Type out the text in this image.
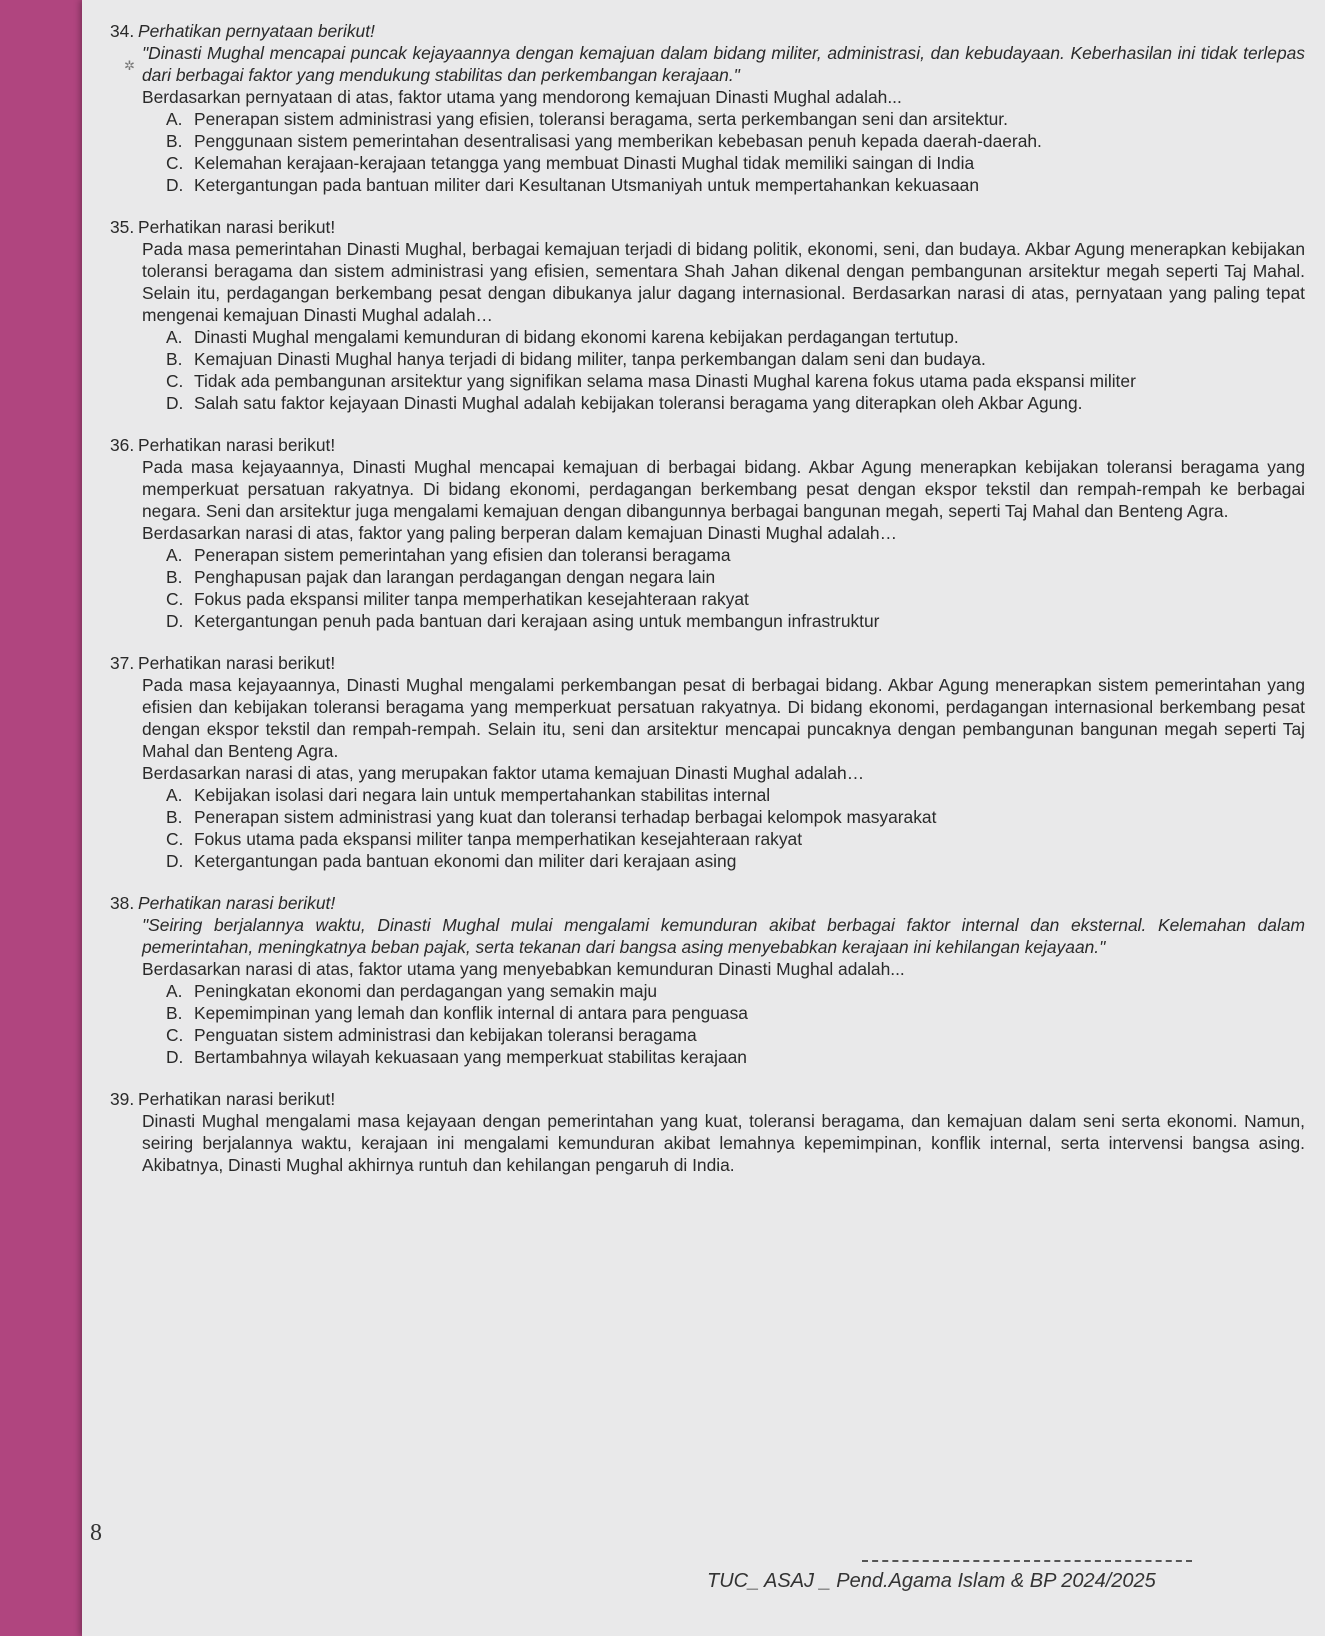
✲
34. Perhatikan pernyataan berikut!

"Dinasti Mughal mencapai puncak kejayaannya dengan kemajuan dalam bidang militer, administrasi, dan kebudayaan. Keberhasilan ini tidak terlepas dari berbagai faktor yang mendukung stabilitas dan perkembangan kerajaan."

Berdasarkan pernyataan di atas, faktor utama yang mendorong kemajuan Dinasti Mughal adalah...

A. Penerapan sistem administrasi yang efisien, toleransi beragama, serta perkembangan seni dan arsitektur.
B. Penggunaan sistem pemerintahan desentralisasi yang memberikan kebebasan penuh kepada daerah-daerah.
C. Kelemahan kerajaan-kerajaan tetangga yang membuat Dinasti Mughal tidak memiliki saingan di India
D. Ketergantungan pada bantuan militer dari Kesultanan Utsmaniyah untuk mempertahankan kekuasaan
35. Perhatikan narasi berikut!

Pada masa pemerintahan Dinasti Mughal, berbagai kemajuan terjadi di bidang politik, ekonomi, seni, dan budaya. Akbar Agung menerapkan kebijakan toleransi beragama dan sistem administrasi yang efisien, sementara Shah Jahan dikenal dengan pembangunan arsitektur megah seperti Taj Mahal. Selain itu, perdagangan berkembang pesat dengan dibukanya jalur dagang internasional. Berdasarkan narasi di atas, pernyataan yang paling tepat mengenai kemajuan Dinasti Mughal adalah…

A. Dinasti Mughal mengalami kemunduran di bidang ekonomi karena kebijakan perdagangan tertutup.
B. Kemajuan Dinasti Mughal hanya terjadi di bidang militer, tanpa perkembangan dalam seni dan budaya.
C. Tidak ada pembangunan arsitektur yang signifikan selama masa Dinasti Mughal karena fokus utama pada ekspansi militer
D. Salah satu faktor kejayaan Dinasti Mughal adalah kebijakan toleransi beragama yang diterapkan oleh Akbar Agung.
36. Perhatikan narasi berikut!

Pada masa kejayaannya, Dinasti Mughal mencapai kemajuan di berbagai bidang. Akbar Agung menerapkan kebijakan toleransi beragama yang memperkuat persatuan rakyatnya. Di bidang ekonomi, perdagangan berkembang pesat dengan ekspor tekstil dan rempah-rempah ke berbagai negara. Seni dan arsitektur juga mengalami kemajuan dengan dibangunnya berbagai bangunan megah, seperti Taj Mahal dan Benteng Agra.

Berdasarkan narasi di atas, faktor yang paling berperan dalam kemajuan Dinasti Mughal adalah…

A. Penerapan sistem pemerintahan yang efisien dan toleransi beragama
B. Penghapusan pajak dan larangan perdagangan dengan negara lain
C. Fokus pada ekspansi militer tanpa memperhatikan kesejahteraan rakyat
D. Ketergantungan penuh pada bantuan dari kerajaan asing untuk membangun infrastruktur
37. Perhatikan narasi berikut!

Pada masa kejayaannya, Dinasti Mughal mengalami perkembangan pesat di berbagai bidang. Akbar Agung menerapkan sistem pemerintahan yang efisien dan kebijakan toleransi beragama yang memperkuat persatuan rakyatnya. Di bidang ekonomi, perdagangan internasional berkembang pesat dengan ekspor tekstil dan rempah-rempah. Selain itu, seni dan arsitektur mencapai puncaknya dengan pembangunan bangunan megah seperti Taj Mahal dan Benteng Agra.

Berdasarkan narasi di atas, yang merupakan faktor utama kemajuan Dinasti Mughal adalah…

A. Kebijakan isolasi dari negara lain untuk mempertahankan stabilitas internal
B. Penerapan sistem administrasi yang kuat dan toleransi terhadap berbagai kelompok masyarakat
C. Fokus utama pada ekspansi militer tanpa memperhatikan kesejahteraan rakyat
D. Ketergantungan pada bantuan ekonomi dan militer dari kerajaan asing
38. Perhatikan narasi berikut!

"Seiring berjalannya waktu, Dinasti Mughal mulai mengalami kemunduran akibat berbagai faktor internal dan eksternal. Kelemahan dalam pemerintahan, meningkatnya beban pajak, serta tekanan dari bangsa asing menyebabkan kerajaan ini kehilangan kejayaan."

Berdasarkan narasi di atas, faktor utama yang menyebabkan kemunduran Dinasti Mughal adalah...

A. Peningkatan ekonomi dan perdagangan yang semakin maju
B. Kepemimpinan yang lemah dan konflik internal di antara para penguasa
C. Penguatan sistem administrasi dan kebijakan toleransi beragama
D. Bertambahnya wilayah kekuasaan yang memperkuat stabilitas kerajaan
39. Perhatikan narasi berikut!

Dinasti Mughal mengalami masa kejayaan dengan pemerintahan yang kuat, toleransi beragama, dan kemajuan dalam seni serta ekonomi. Namun, seiring berjalannya waktu, kerajaan ini mengalami kemunduran akibat lemahnya kepemimpinan, konflik internal, serta intervensi bangsa asing. Akibatnya, Dinasti Mughal akhirnya runtuh dan kehilangan pengaruh di India.

8
TUC_ ASAJ _ Pend.Agama Islam & BP 2024/2025
